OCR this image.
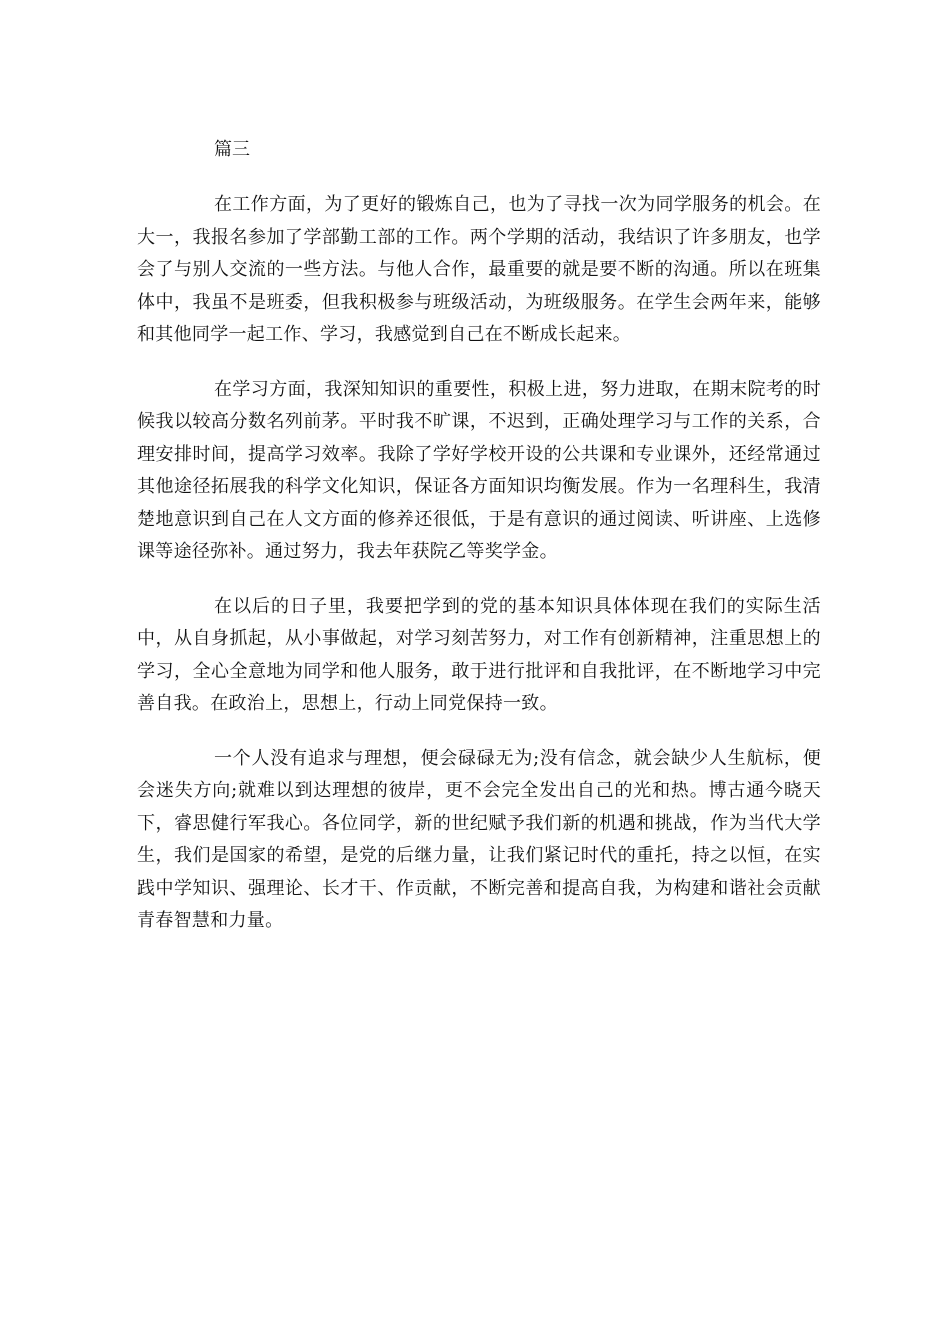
篇三

在工作方面，为了更好的锻炼自己，也为了寻找一次为同学服务的机会。在大一，我报名参加了学部勤工部的工作。两个学期的活动，我结识了许多朋友，也学会了与别人交流的一些方法。与他人合作，最重要的就是要不断的沟通。所以在班集体中，我虽不是班委，但我积极参与班级活动，为班级服务。在学生会两年来，能够和其他同学一起工作、学习，我感觉到自己在不断成长起来。

在学习方面，我深知知识的重要性，积极上进，努力进取，在期末院考的时候我以较高分数名列前茅。平时我不旷课，不迟到，正确处理学习与工作的关系，合理安排时间，提高学习效率。我除了学好学校开设的公共课和专业课外，还经常通过其他途径拓展我的科学文化知识，保证各方面知识均衡发展。作为一名理科生，我清楚地意识到自己在人文方面的修养还很低，于是有意识的通过阅读、听讲座、上选修课等途径弥补。通过努力，我去年获院乙等奖学金。

在以后的日子里，我要把学到的党的基本知识具体体现在我们的实际生活中，从自身抓起，从小事做起，对学习刻苦努力，对工作有创新精神，注重思想上的学习，全心全意地为同学和他人服务，敢于进行批评和自我批评，在不断地学习中完善自我。在政治上，思想上，行动上同党保持一致。

一个人没有追求与理想，便会碌碌无为;没有信念，就会缺少人生航标，便会迷失方向;就难以到达理想的彼岸，更不会完全发出自己的光和热。博古通今晓天下，睿思健行军我心。各位同学，新的世纪赋予我们新的机遇和挑战，作为当代大学生，我们是国家的希望，是党的后继力量，让我们紧记时代的重托，持之以恒，在实践中学知识、强理论、长才干、作贡献，不断完善和提高自我，为构建和谐社会贡献青春智慧和力量。
